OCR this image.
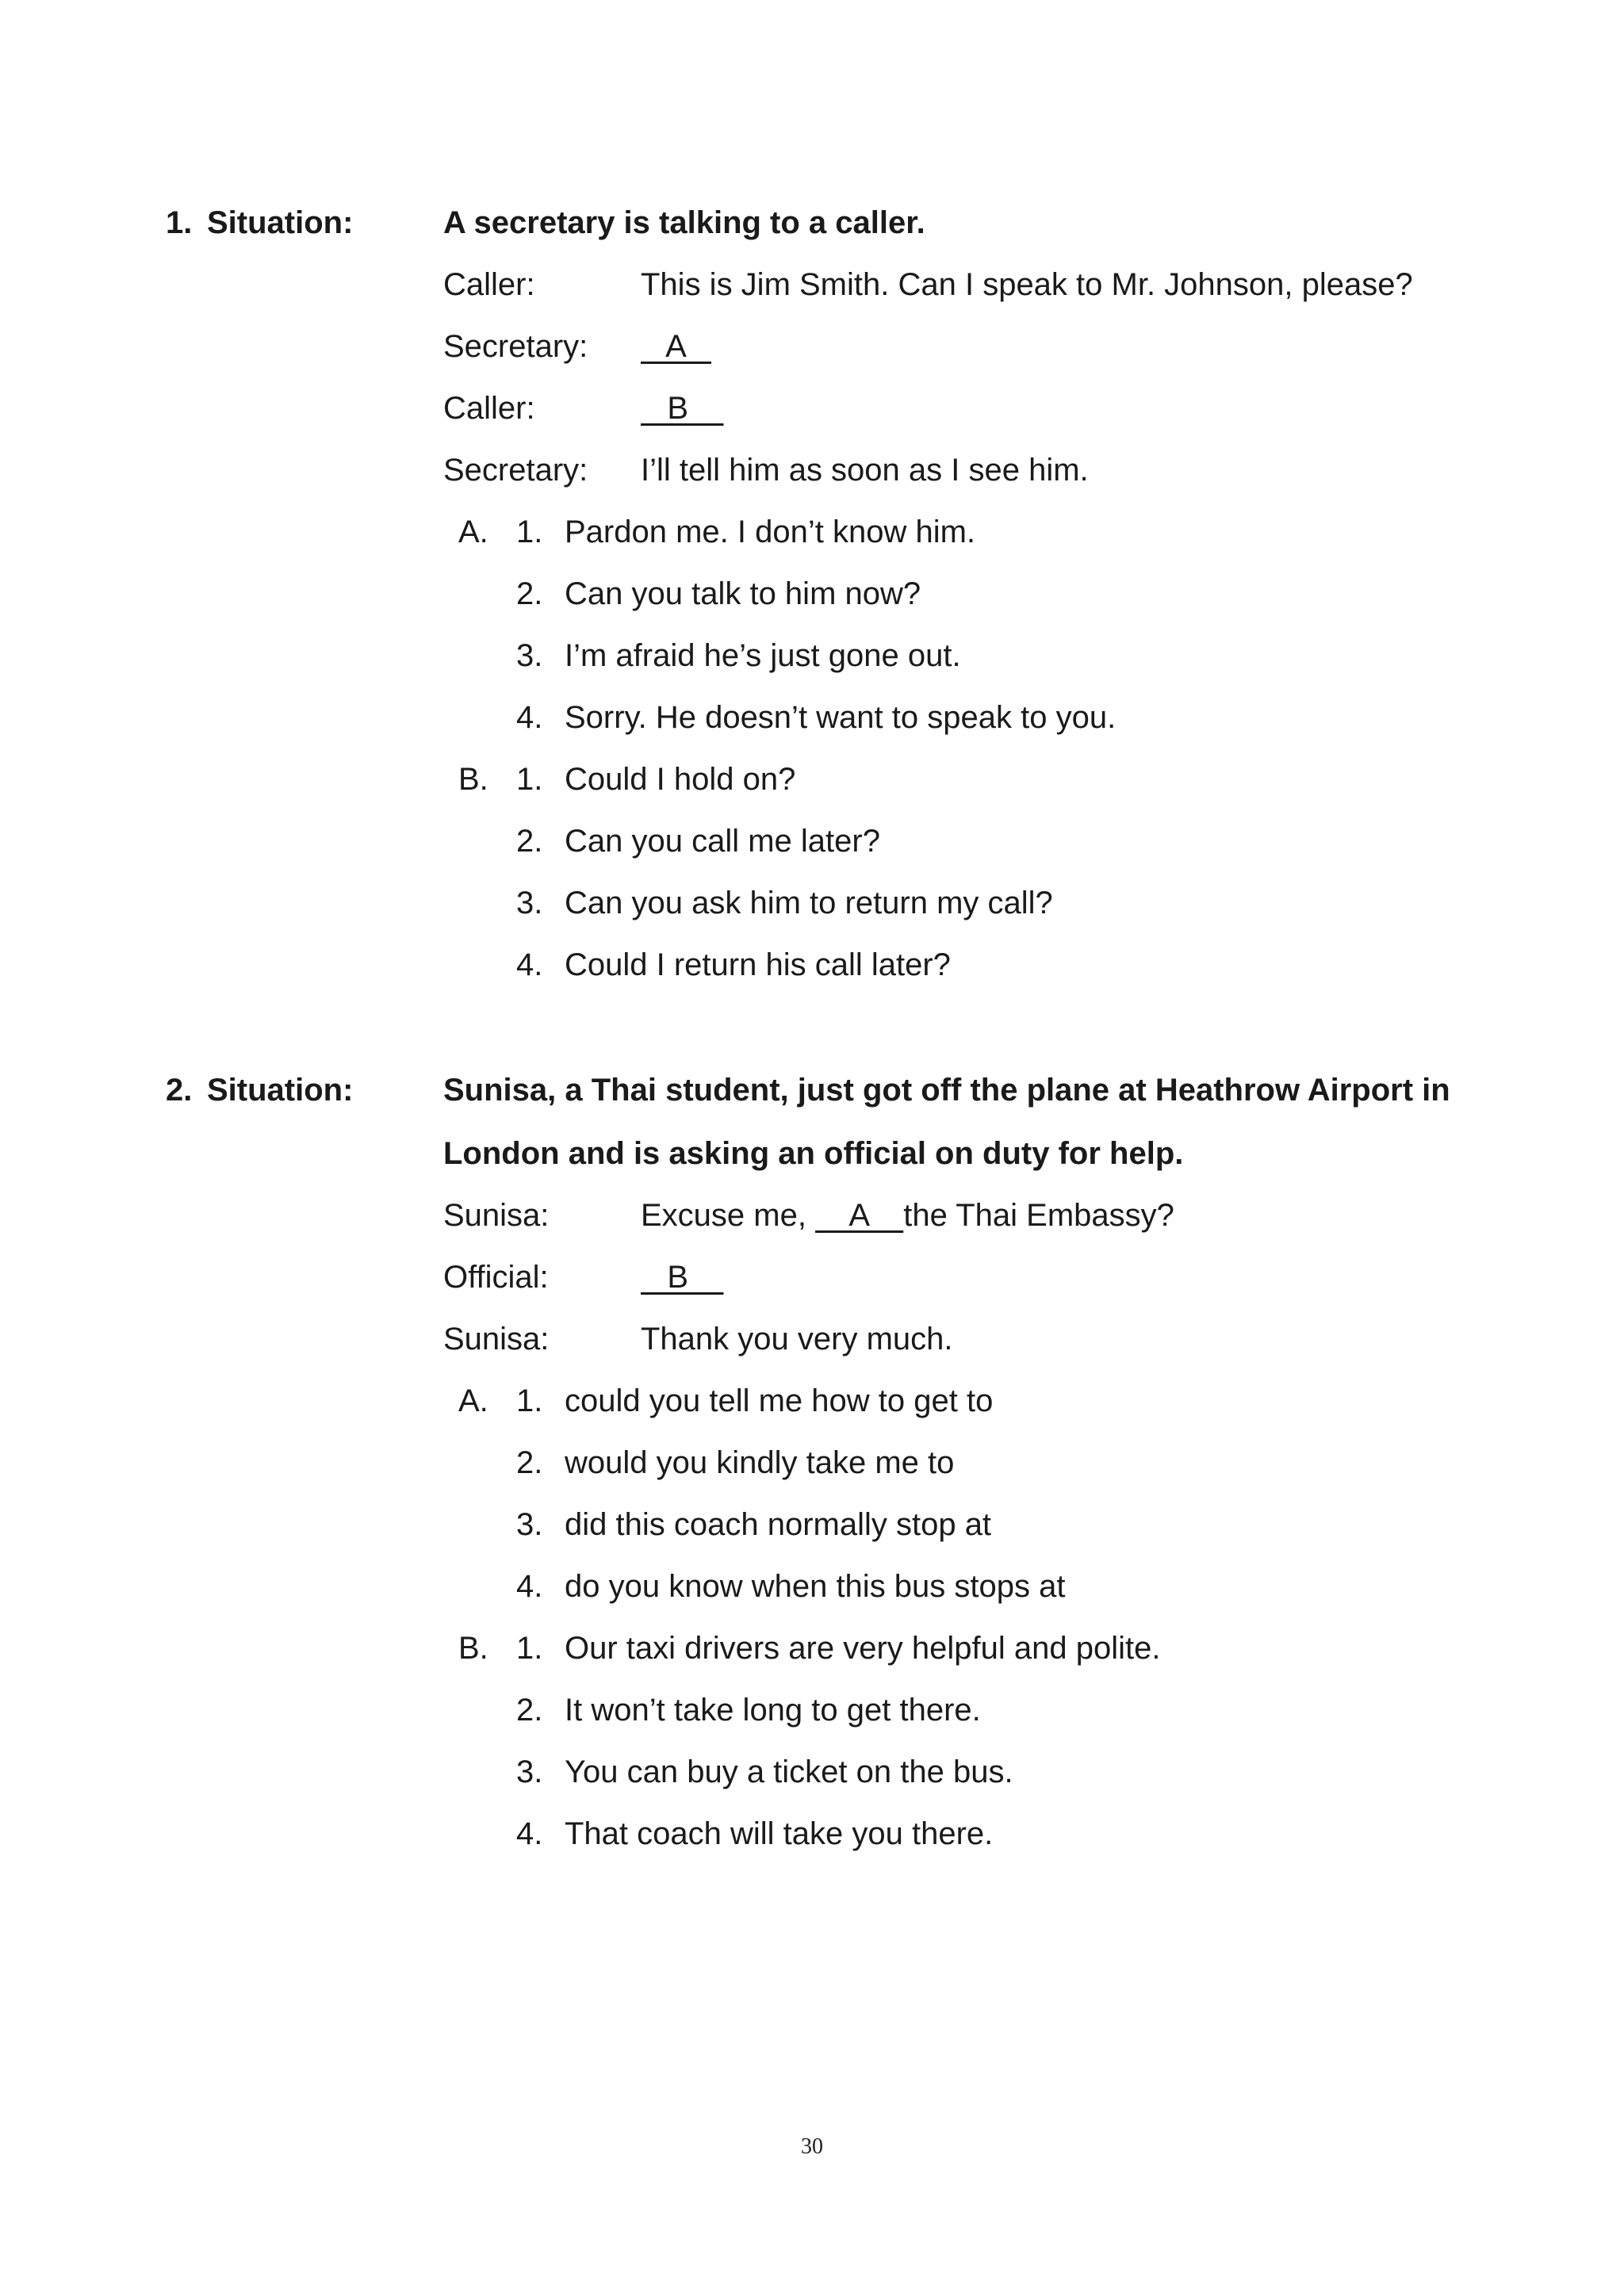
1. Situation:	A secretary is talking to a caller.
Caller:	This is Jim Smith. Can I speak to Mr. Johnson, please?
Secretary:   A
Caller:	B
Secretary: I’ll tell him as soon as I see him.
A. 1. Pardon me. I don’t know him.
2. Can you talk to him now?
3. I’m afraid he’s just gone out.
4. Sorry. He doesn’t want to speak to you.
B. 1. Could I hold on?
2. Can you call me later?
3. Can you ask him to return my call?
4. Could I return his call later?
2. Situation:	Sunisa, a Thai student, just got off the plane at Heathrow Airport in London and is asking an official on duty for help.
Sunisa:	Excuse me,     A    the Thai Embassy?
Official:	B
Sunisa:	Thank you very much.
A. 1. could you tell me how to get to
2. would you kindly take me to
3. did this coach normally stop at
4. do you know when this bus stops at
B. 1. Our taxi drivers are very helpful and polite.
2. It won’t take long to get there.
3. You can buy a ticket on the bus.
4. That coach will take you there.
30
